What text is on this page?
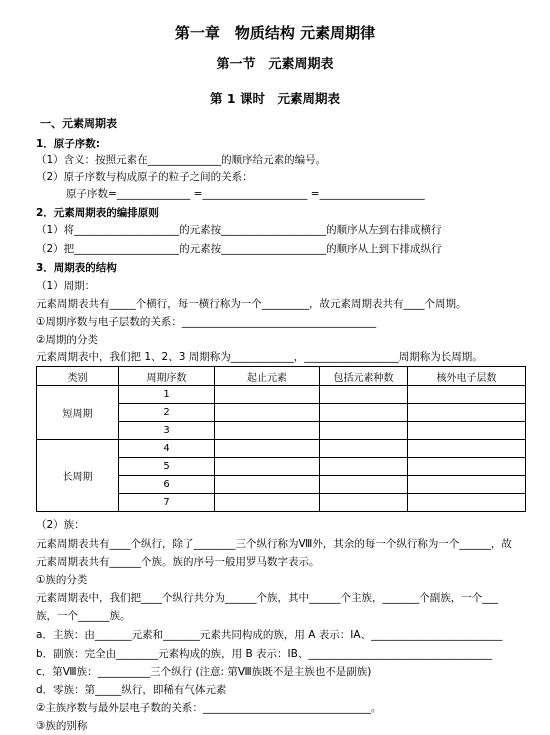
第一章　物质结构 元素周期律
第一节　元素周期表
第 1 课时　元素周期表
一、元素周期表
1．原子序数:
（1）含义：按照元素在______________的顺序给元素的编号。
（2）原子序数与构成原子的粒子之间的关系：
原子序数=______________ =____________________ =____________________
2．元素周期表的编排原则
（1）将____________________的元素按____________________的顺序从左到右排成横行
（2）把____________________的元素按____________________的顺序从上到下排成纵行
3．周期表的结构
（1）周期：
元素周期表共有_____个横行，每一横行称为一个_________，故元素周期表共有____个周期。
①周期序数与电子层数的关系：_____________________________________
②周期的分类
元素周期表中，我们把 1、2、3 周期称为____________，__________________周期称为长周期。
类别	周期序数	起止元素	包括元素种数	核外电子层数
短周期	1			
	2			
	3			
长周期	4			
	5			
	6			
	7			
（2）族：
元素周期表共有____个纵行，除了________三个纵行称为Ⅷ外，其余的每一个纵行称为一个______，故
元素周期表共有______个族。族的序号一般用罗马数字表示。
①族的分类
元素周期表中，我们把____个纵行共分为______个族，其中______个主族，_______个副族，一个___
族，一个______族。
a．主族：由_______元素和_______元素共同构成的族，用 A 表示：ⅠA、_________________________
b．副族：完全由________元素构成的族，用 B 表示：ⅠB、___________________________________
c．第Ⅷ族：__________三个纵行 (注意: 第Ⅷ族既不是主族也不是副族)
d．零族：第_____纵行，即稀有气体元素
②主族序数与最外层电子数的关系：________________________________。
③族的别称
